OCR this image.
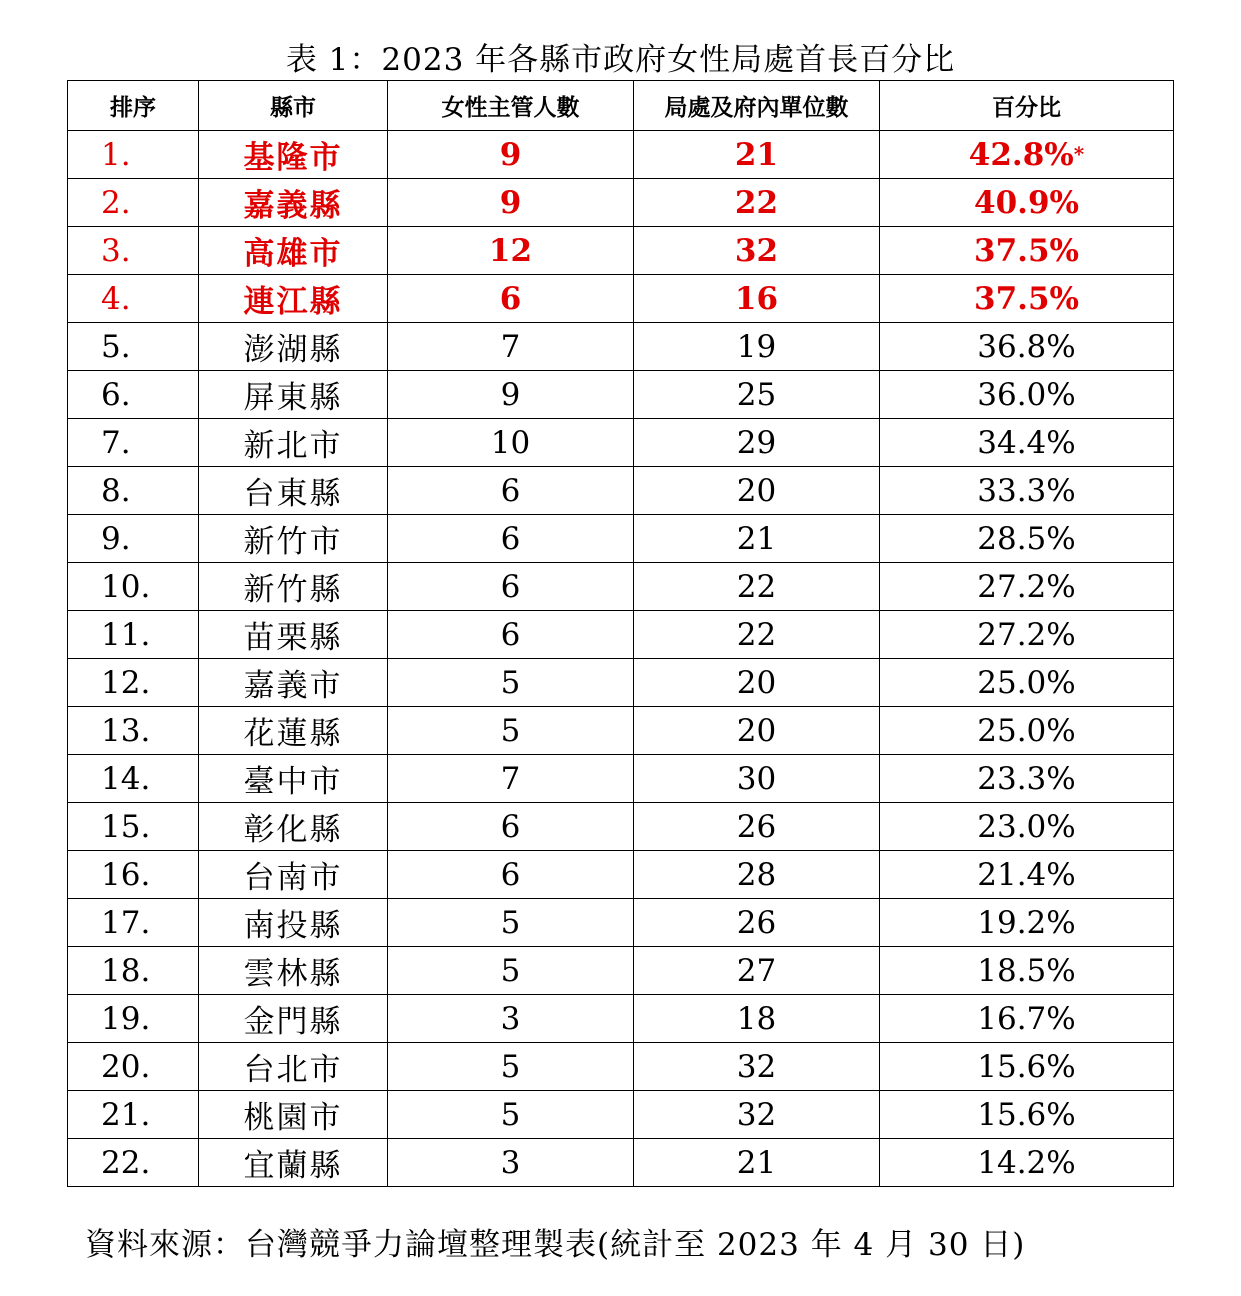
表 1：2023 年各縣市政府女性局處首長百分比
排序	縣市	女性主管人數	局處及府內單位數	百分比
1.	基隆市	9	21	42.8%*
2.	嘉義縣	9	22	40.9%
3.	高雄市	12	32	37.5%
4.	連江縣	6	16	37.5%
5.	澎湖縣	7	19	36.8%
6.	屏東縣	9	25	36.0%
7.	新北市	10	29	34.4%
8.	台東縣	6	20	33.3%
9.	新竹市	6	21	28.5%
10.	新竹縣	6	22	27.2%
11.	苗栗縣	6	22	27.2%
12.	嘉義市	5	20	25.0%
13.	花蓮縣	5	20	25.0%
14.	臺中市	7	30	23.3%
15.	彰化縣	6	26	23.0%
16.	台南市	6	28	21.4%
17.	南投縣	5	26	19.2%
18.	雲林縣	5	27	18.5%
19.	金門縣	3	18	16.7%
20.	台北市	5	32	15.6%
21.	桃園市	5	32	15.6%
22.	宜蘭縣	3	21	14.2%
資料來源：台灣競爭力論壇整理製表(統計至 2023 年 4 月 30 日)
